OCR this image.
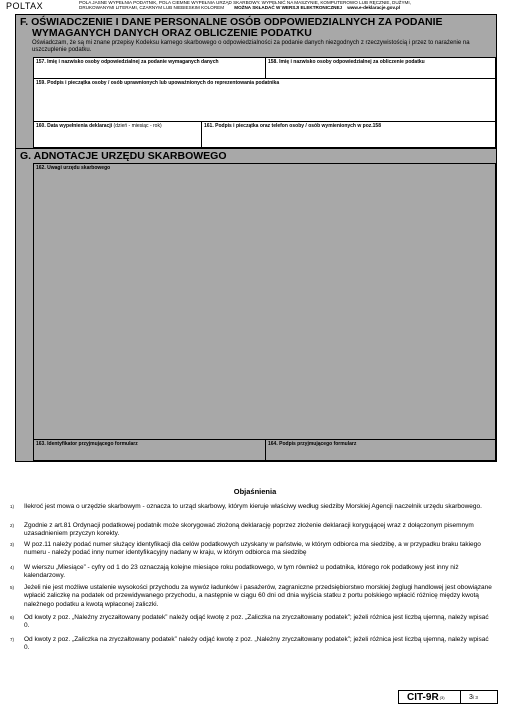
POLTAX	POLA JASNE WYPEŁNIA PODATNIK, POLA CIEMNE WYPEŁNIA URZĄD SKARBOWY. WYPEŁNIĆ NA MASZYNIE, KOMPUTEROWO LUB RĘCZNIE, DUŻYMI,
DRUKOWANYMI LITERAMI, CZARNYM LUB NIEBIESKIM KOLOREM MOŻNA SKŁADAĆ W WERSJI ELEKTRONICZNEJ www.e-deklaracje.gov.pl
F. OŚWIADCZENIE I DANE PERSONALNE OSÓB ODPOWIEDZIALNYCH ZA PODANIE
WYMAGANYCH DANYCH ORAZ OBLICZENIE PODATKU
Oświadczam, że są mi znane przepisy Kodeksu karnego skarbowego o odpowiedzialności za podanie danych niezgodnych z rzeczywistością i przez to narażenie na uszczuplenie podatku.
157. Imię i nazwisko osoby odpowiedzialnej za podanie wymaganych danych	158. Imię i nazwisko osoby odpowiedzialnej za obliczenie podatku
159. Podpis i pieczątka osoby / osób uprawnionych lub upoważnionych do reprezentowania podatnika
160. Data wypełnienia deklaracji (dzień - miesiąc - rok)	161. Podpis i pieczątka oraz telefon osoby / osób wymienionych w poz.158
G. ADNOTACJE URZĘDU SKARBOWEGO
162. Uwagi urzędu skarbowego
163. Identyfikator przyjmującego formularz	164. Podpis przyjmującego formularz
Objaśnienia
1)	Ilekroć jest mowa o urzędzie skarbowym - oznacza to urząd skarbowy, którym kieruje właściwy według siedziby Morskiej Agencji naczelnik urzędu skarbowego.
2)	Zgodnie z art.81 Ordynacji podatkowej podatnik może skorygować złożoną deklarację poprzez złożenie deklaracji korygującej wraz z dołączonym pisemnym uzasadnieniem przyczyn korekty.
3)	W poz.11 należy podać numer służący identyfikacji dla celów podatkowych uzyskany w państwie, w którym odbiorca ma siedzibę, a w przypadku braku takiego numeru - należy podać inny numer identyfikacyjny nadany w kraju, w którym odbiorca ma siedzibę
4)	W wierszu „Miesiące” - cyfry od 1 do 23 oznaczają kolejne miesiące roku podatkowego, w tym również u podatnika, którego rok podatkowy jest inny niż kalendarzowy.
5)	Jeżeli nie jest możliwe ustalenie wysokości przychodu za wywóz ładunków i pasażerów, zagraniczne przedsiębiorstwo morskiej żeglugi handlowej jest obowiązane wpłacić zaliczkę na podatek od przewidywanego przychodu, a następnie w ciągu 60 dni od dnia wyjścia statku z portu polskiego wpłacić różnicę między kwotą należnego podatku a kwotą wpłaconej zaliczki.
6)	Od kwoty z poz. „Należny zryczałtowany podatek” należy odjąć kwotę z poz. „Zaliczka na zryczałtowany podatek”; jeżeli różnica jest liczbą ujemną, należy wpisać 0.
7)	Od kwoty z poz. „Zaliczka na zryczałtowany podatek” należy odjąć kwotę z poz. „Należny zryczałtowany podatek”; jeżeli różnica jest liczbą ujemną, należy wpisać 0.
CIT-9R (3)	3/ 3
